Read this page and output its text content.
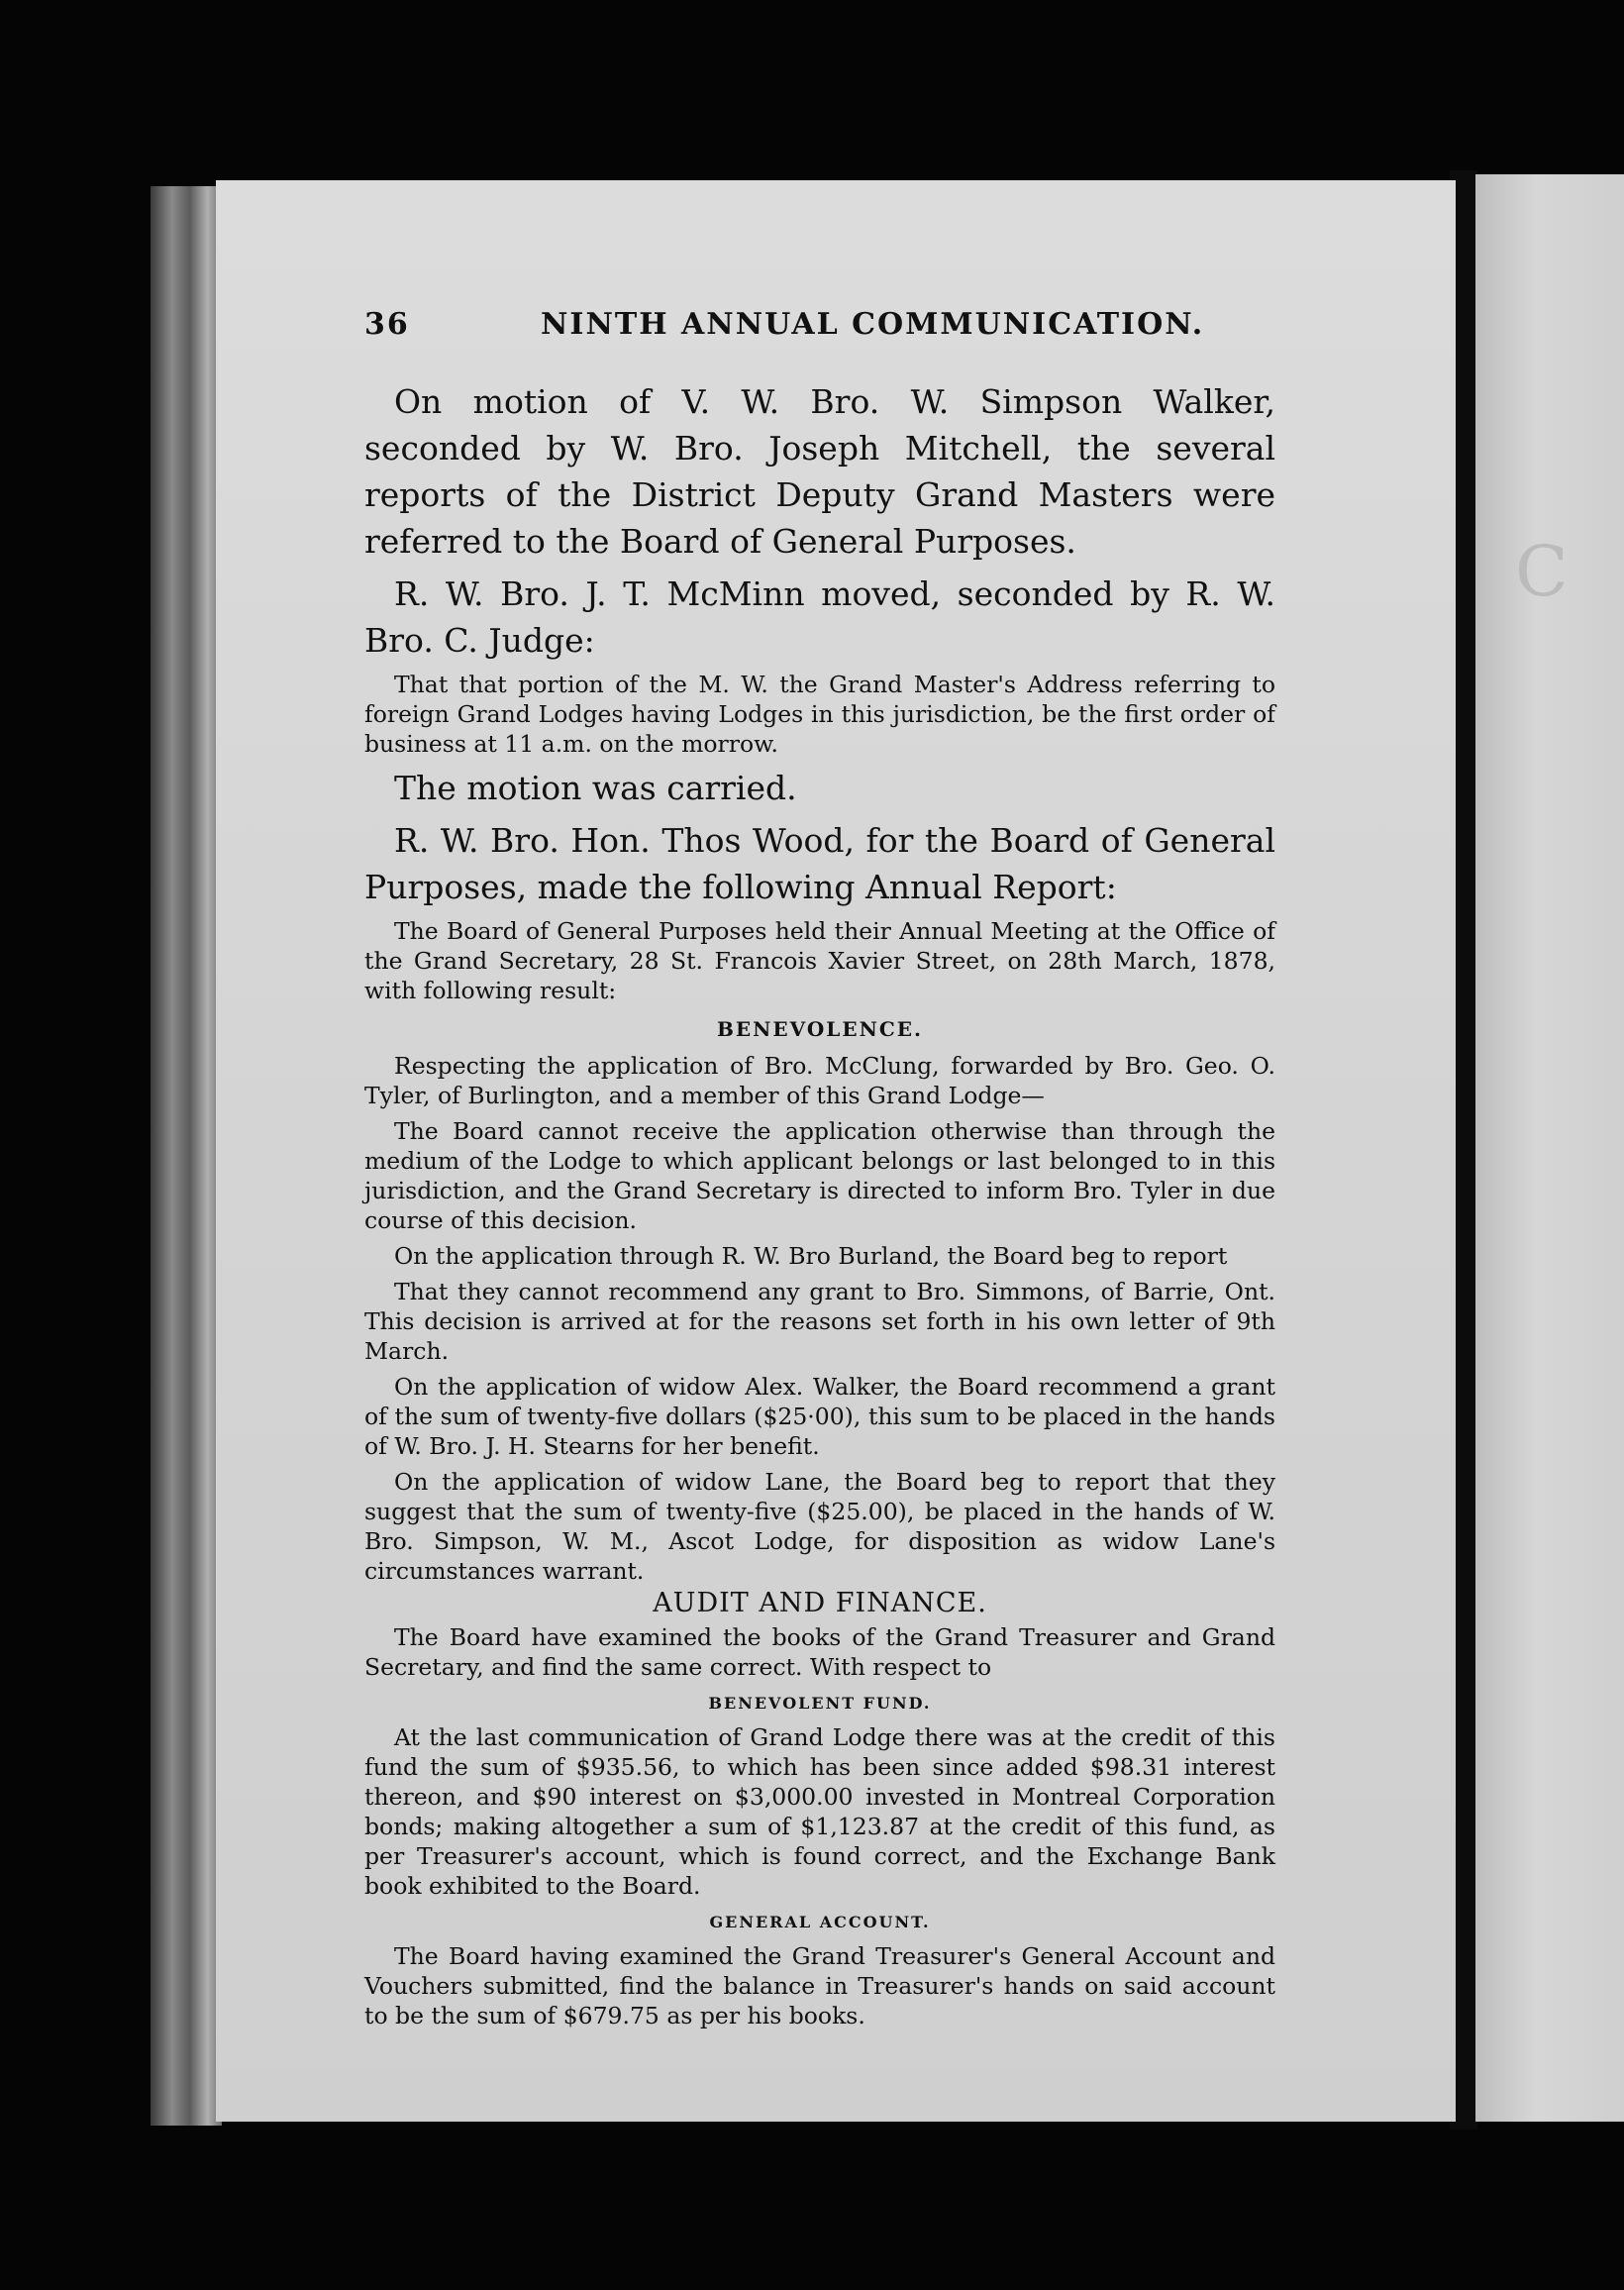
C
36	NINTH ANNUAL COMMUNICATION.

On motion of V. W. Bro. W. Simpson Walker, seconded by W. Bro. Joseph Mitchell, the several reports of the District Deputy Grand Masters were referred to the Board of General Purposes.

R. W. Bro. J. T. McMinn moved, seconded by R. W. Bro. C. Judge:

That that portion of the M. W. the Grand Master's Address referring to foreign Grand Lodges having Lodges in this jurisdiction, be the first order of business at 11 a.m. on the morrow.

The motion was carried.

R. W. Bro. Hon. Thos Wood, for the Board of General Purposes, made the following Annual Report:

The Board of General Purposes held their Annual Meeting at the Office of the Grand Secretary, 28 St. Francois Xavier Street, on 28th March, 1878, with following result:

BENEVOLENCE.

Respecting the application of Bro. McClung, forwarded by Bro. Geo. O. Tyler, of Burlington, and a member of this Grand Lodge—

The Board cannot receive the application otherwise than through the medium of the Lodge to which applicant belongs or last belonged to in this jurisdiction, and the Grand Secretary is directed to inform Bro. Tyler in due course of this decision.

On the application through R. W. Bro Burland, the Board beg to report

That they cannot recommend any grant to Bro. Simmons, of Barrie, Ont. This decision is arrived at for the reasons set forth in his own letter of 9th March.

On the application of widow Alex. Walker, the Board recommend a grant of the sum of twenty-five dollars ($25·00), this sum to be placed in the hands of W. Bro. J. H. Stearns for her benefit.

On the application of widow Lane, the Board beg to report that they suggest that the sum of twenty-five ($25.00), be placed in the hands of W. Bro. Simpson, W. M., Ascot Lodge, for disposition as widow Lane's circumstances warrant.

AUDIT AND FINANCE.

The Board have examined the books of the Grand Treasurer and Grand Secretary, and find the same correct. With respect to

BENEVOLENT FUND.

At the last communication of Grand Lodge there was at the credit of this fund the sum of $935.56, to which has been since added $98.31 interest thereon, and $90 interest on $3,000.00 invested in Montreal Corporation bonds; making altogether a sum of $1,123.87 at the credit of this fund, as per Treasurer's account, which is found correct, and the Exchange Bank book exhibited to the Board.

GENERAL ACCOUNT.

The Board having examined the Grand Treasurer's General Account and Vouchers submitted, find the balance in Treasurer's hands on said account to be the sum of $679.75 as per his books.
